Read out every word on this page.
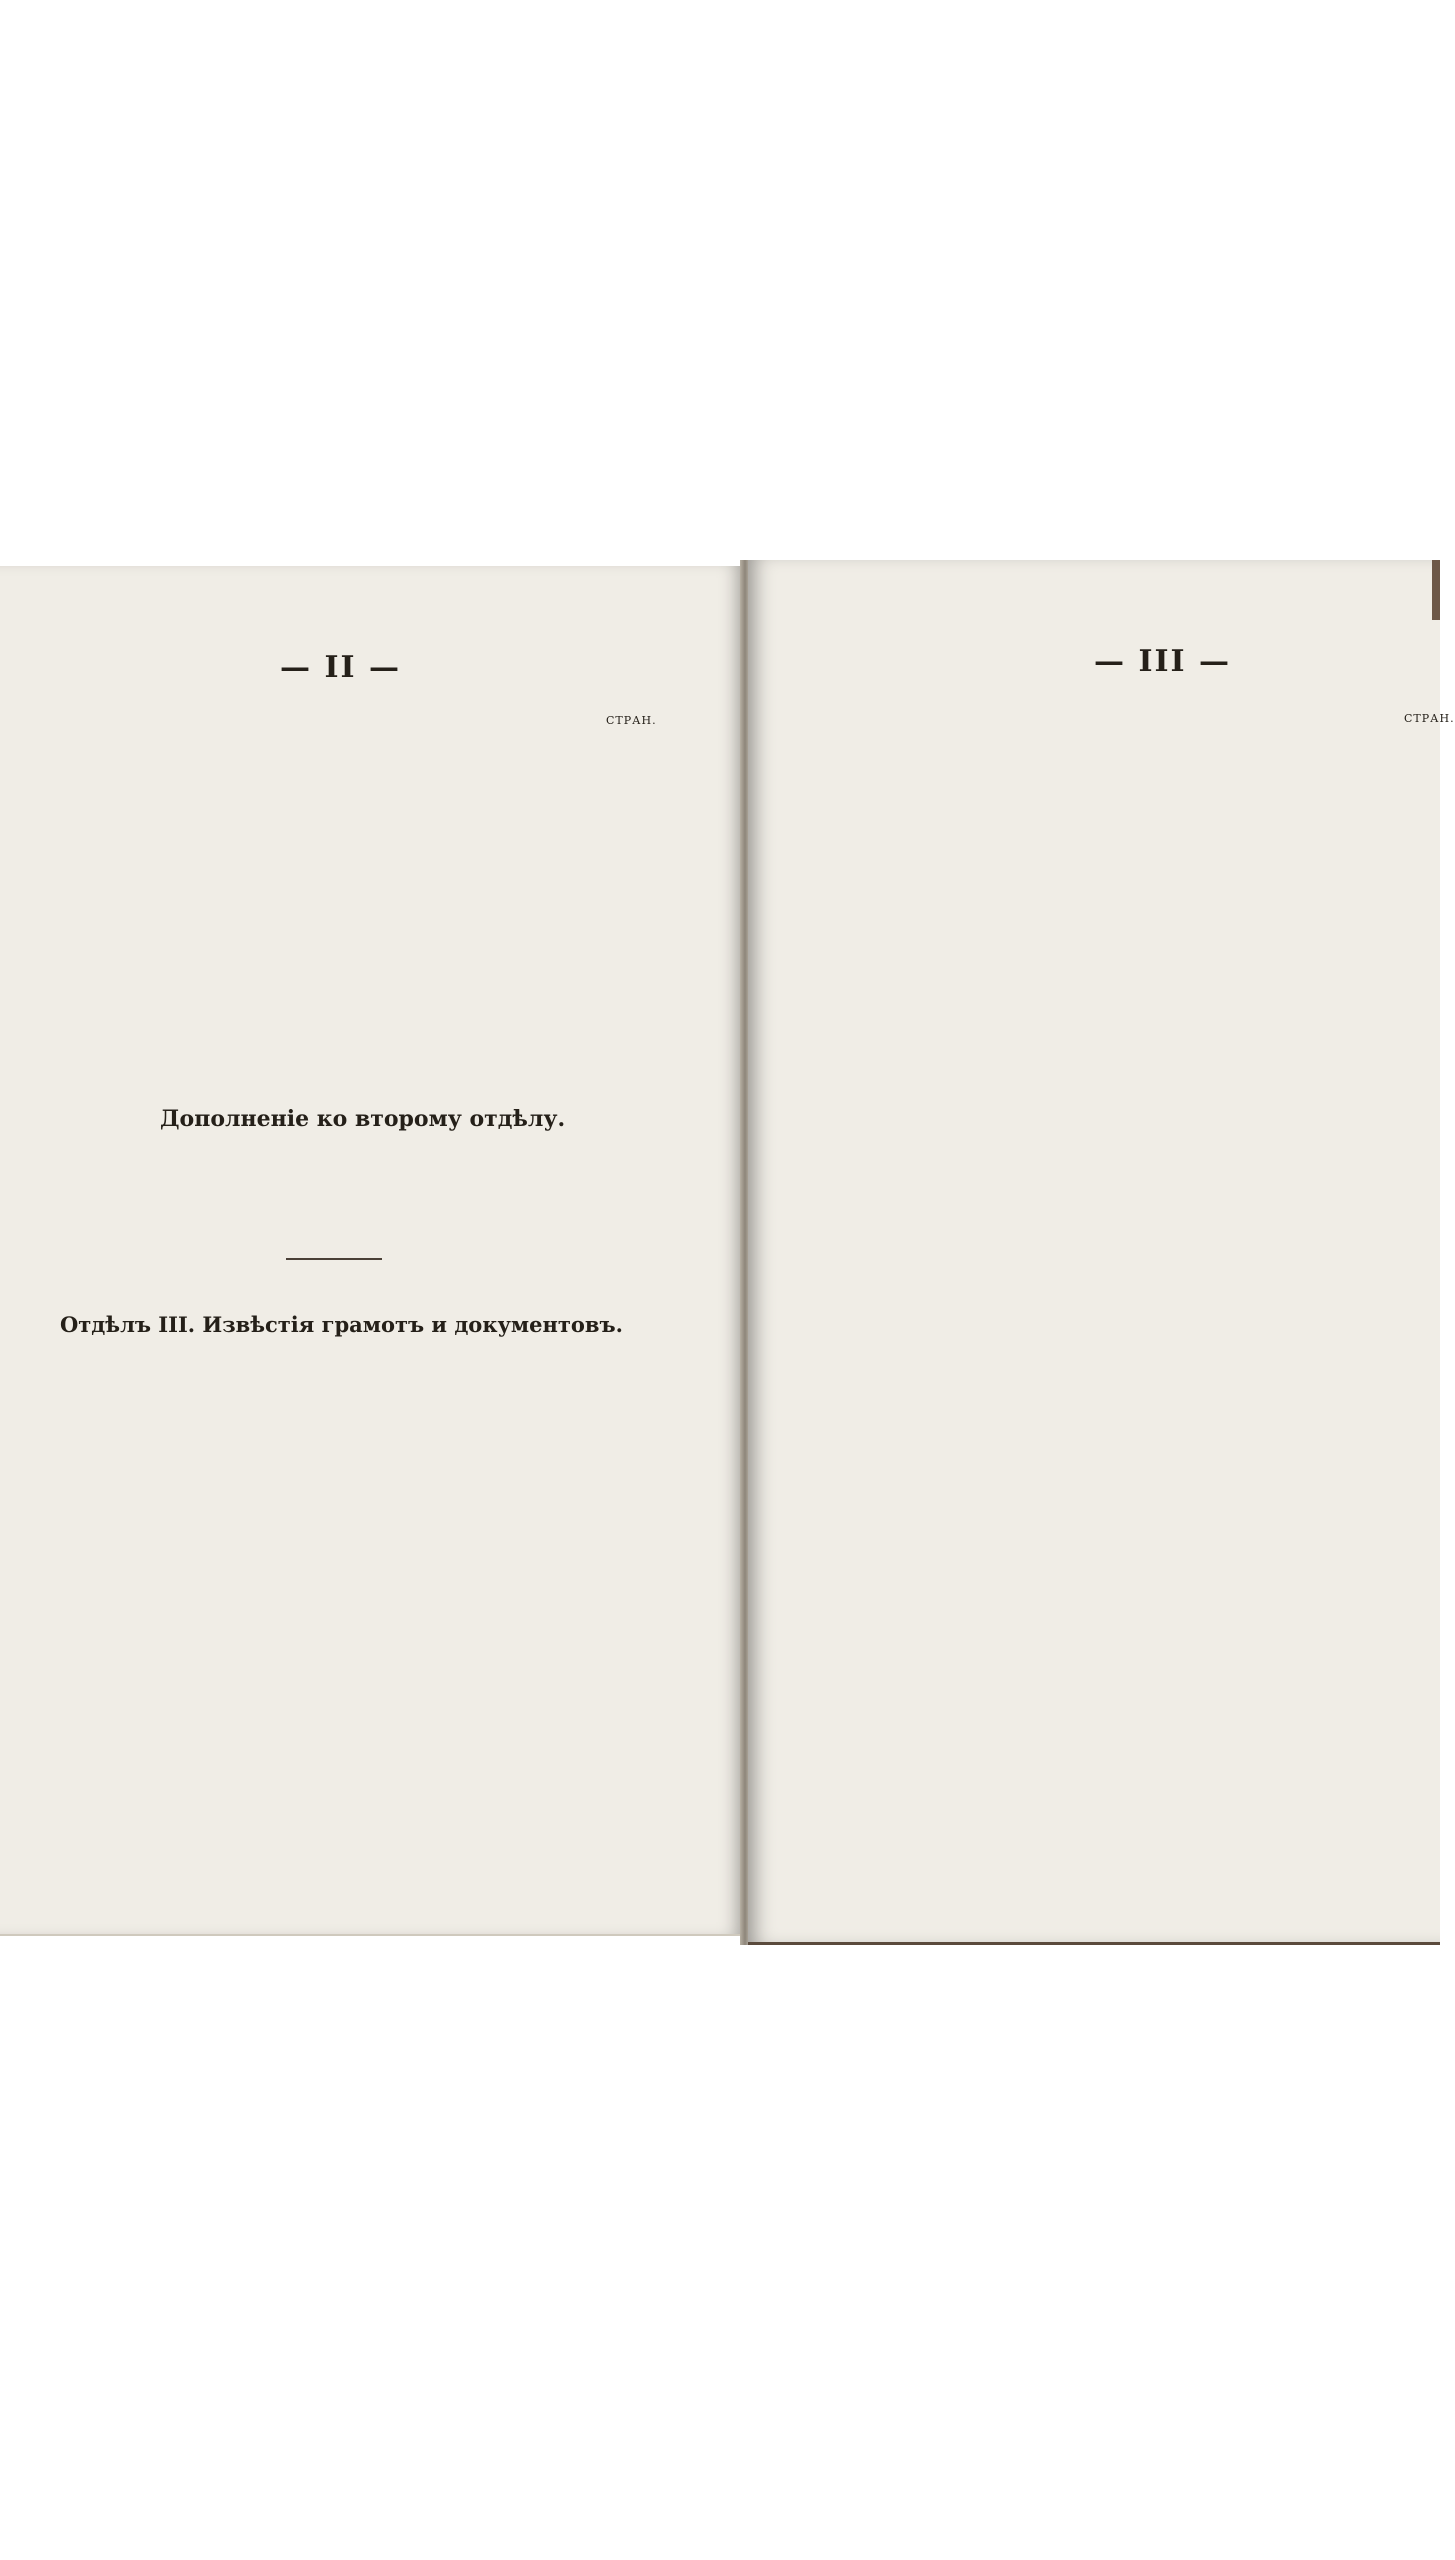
— II —
СТРАН.
Дополненіе ко второму отдѣлу.
Отдѣлъ III. Извѣстія грамотъ и документовъ.
— III —
СТРАН.
